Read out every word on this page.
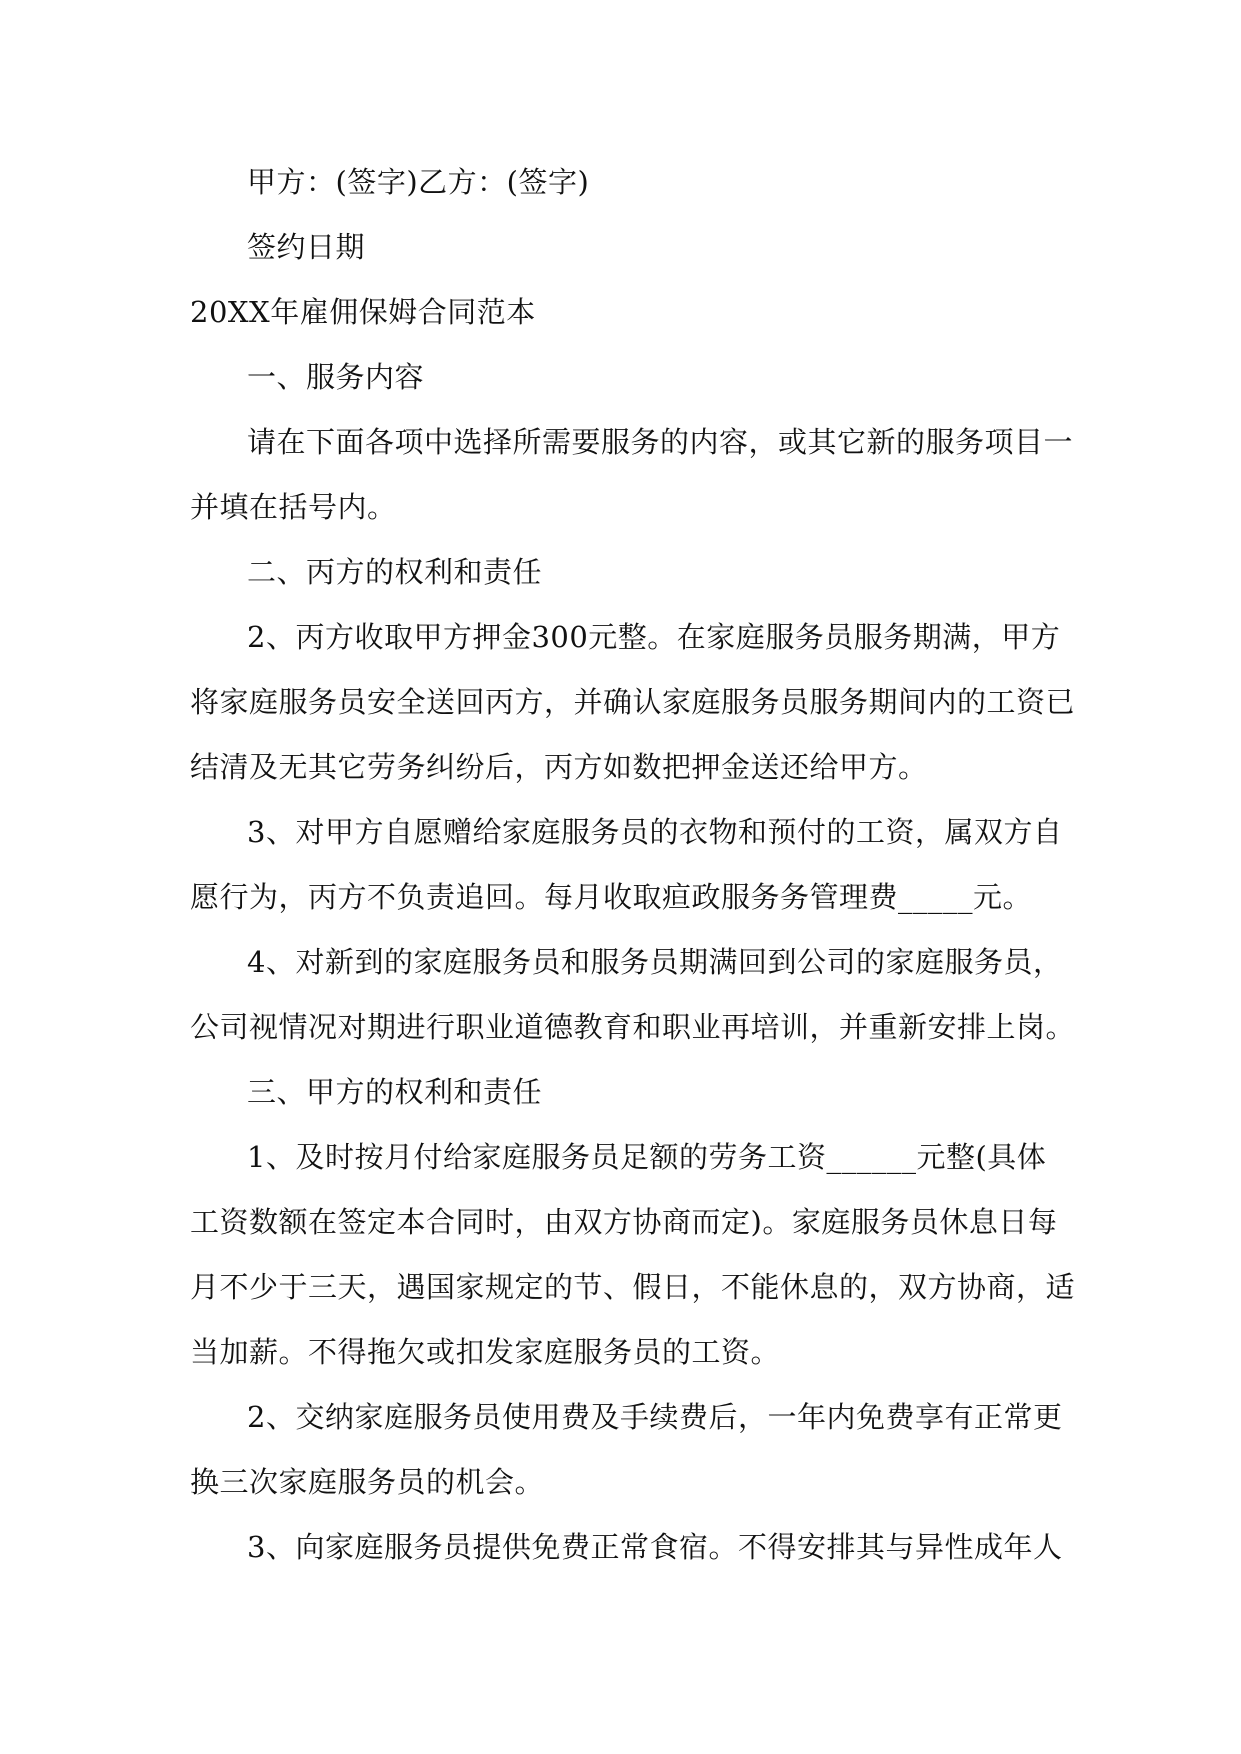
甲方：(签字)乙方：(签字)
签约日期
20XX年雇佣保姆合同范本
一、服务内容
请在下面各项中选择所需要服务的内容，或其它新的服务项目一
并填在括号内。
二、丙方的权利和责任
2、丙方收取甲方押金300元整。在家庭服务员服务期满，甲方
将家庭服务员安全送回丙方，并确认家庭服务员服务期间内的工资已
结清及无其它劳务纠纷后，丙方如数把押金送还给甲方。
3、对甲方自愿赠给家庭服务员的衣物和预付的工资，属双方自
愿行为，丙方不负责追回。每月收取疸政服务务管理费_____元。
4、对新到的家庭服务员和服务员期满回到公司的家庭服务员，
公司视情况对期进行职业道德教育和职业再培训，并重新安排上岗。
三、甲方的权利和责任
1、及时按月付给家庭服务员足额的劳务工资______元整(具体
工资数额在签定本合同时，由双方协商而定)。家庭服务员休息日每
月不少于三天，遇国家规定的节、假日，不能休息的，双方协商，适
当加薪。不得拖欠或扣发家庭服务员的工资。
2、交纳家庭服务员使用费及手续费后，一年内免费享有正常更
换三次家庭服务员的机会。
3、向家庭服务员提供免费正常食宿。不得安排其与异性成年人
